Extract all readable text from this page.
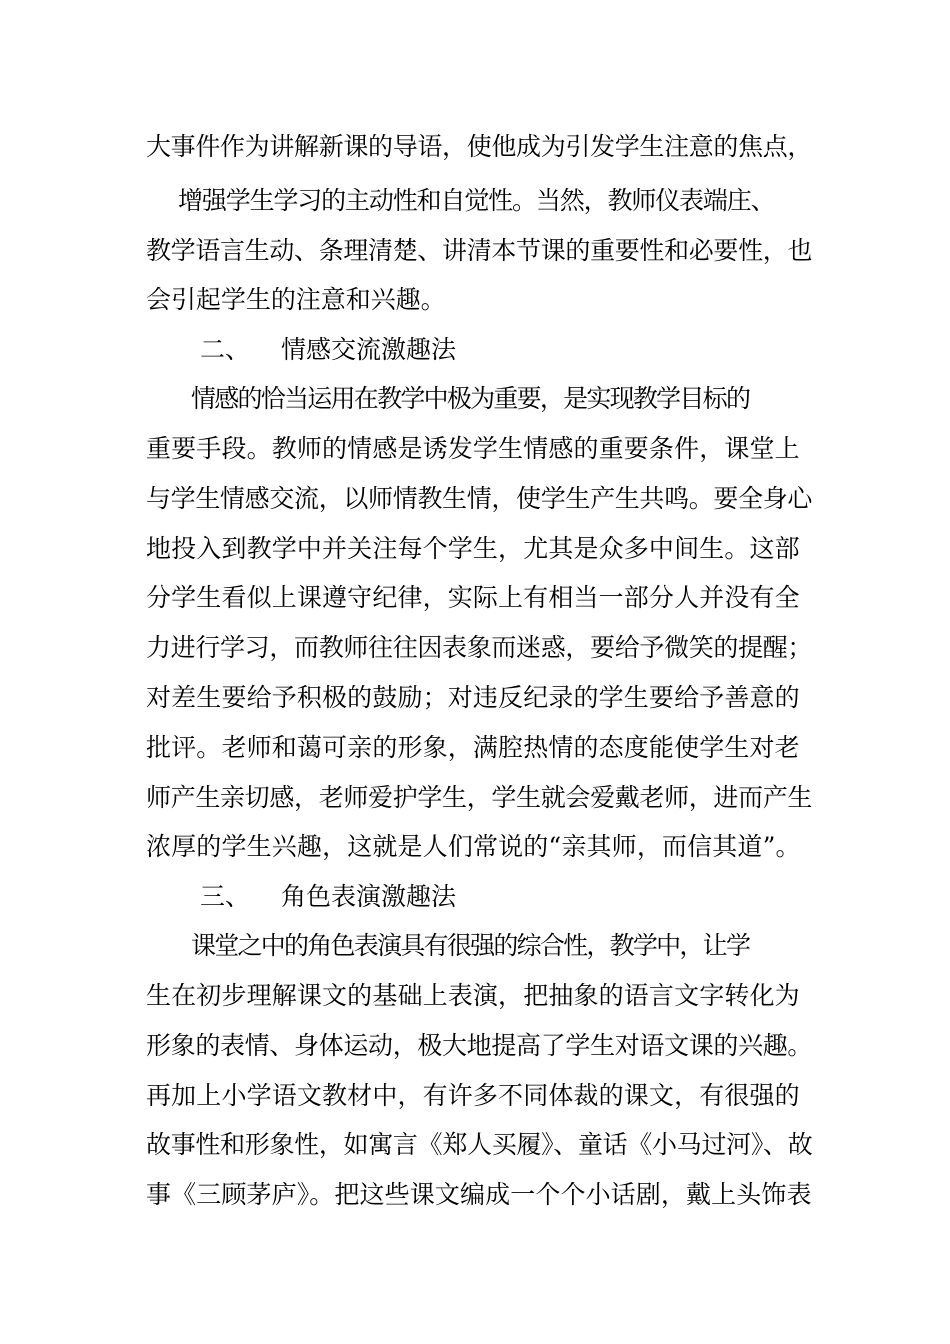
大事件作为讲解新课的导语，使他成为引发学生注意的焦点，
增强学生学习的主动性和自觉性。当然，教师仪表端庄、
教学语言生动、条理清楚、讲清本节课的重要性和必要性，也
会引起学生的注意和兴趣。
二、 情感交流激趣法
情感的恰当运用在教学中极为重要，是实现教学目标的
重要手段。教师的情感是诱发学生情感的重要条件，课堂上
与学生情感交流，以师情教生情，使学生产生共鸣。要全身心
地投入到教学中并关注每个学生，尤其是众多中间生。这部
分学生看似上课遵守纪律，实际上有相当一部分人并没有全
力进行学习，而教师往往因表象而迷惑，要给予微笑的提醒；
对差生要给予积极的鼓励；对违反纪录的学生要给予善意的
批评。老师和蔼可亲的形象，满腔热情的态度能使学生对老
师产生亲切感，老师爱护学生，学生就会爱戴老师，进而产生
浓厚的学生兴趣，这就是人们常说的“亲其师，而信其道”。
三、 角色表演激趣法
课堂之中的角色表演具有很强的综合性，教学中，让学
生在初步理解课文的基础上表演，把抽象的语言文字转化为
形象的表情、身体运动，极大地提高了学生对语文课的兴趣。
再加上小学语文教材中，有许多不同体裁的课文，有很强的
故事性和形象性，如寓言《郑人买履》、童话《小马过河》、故
事《三顾茅庐》。把这些课文编成一个个小话剧，戴上头饰表
